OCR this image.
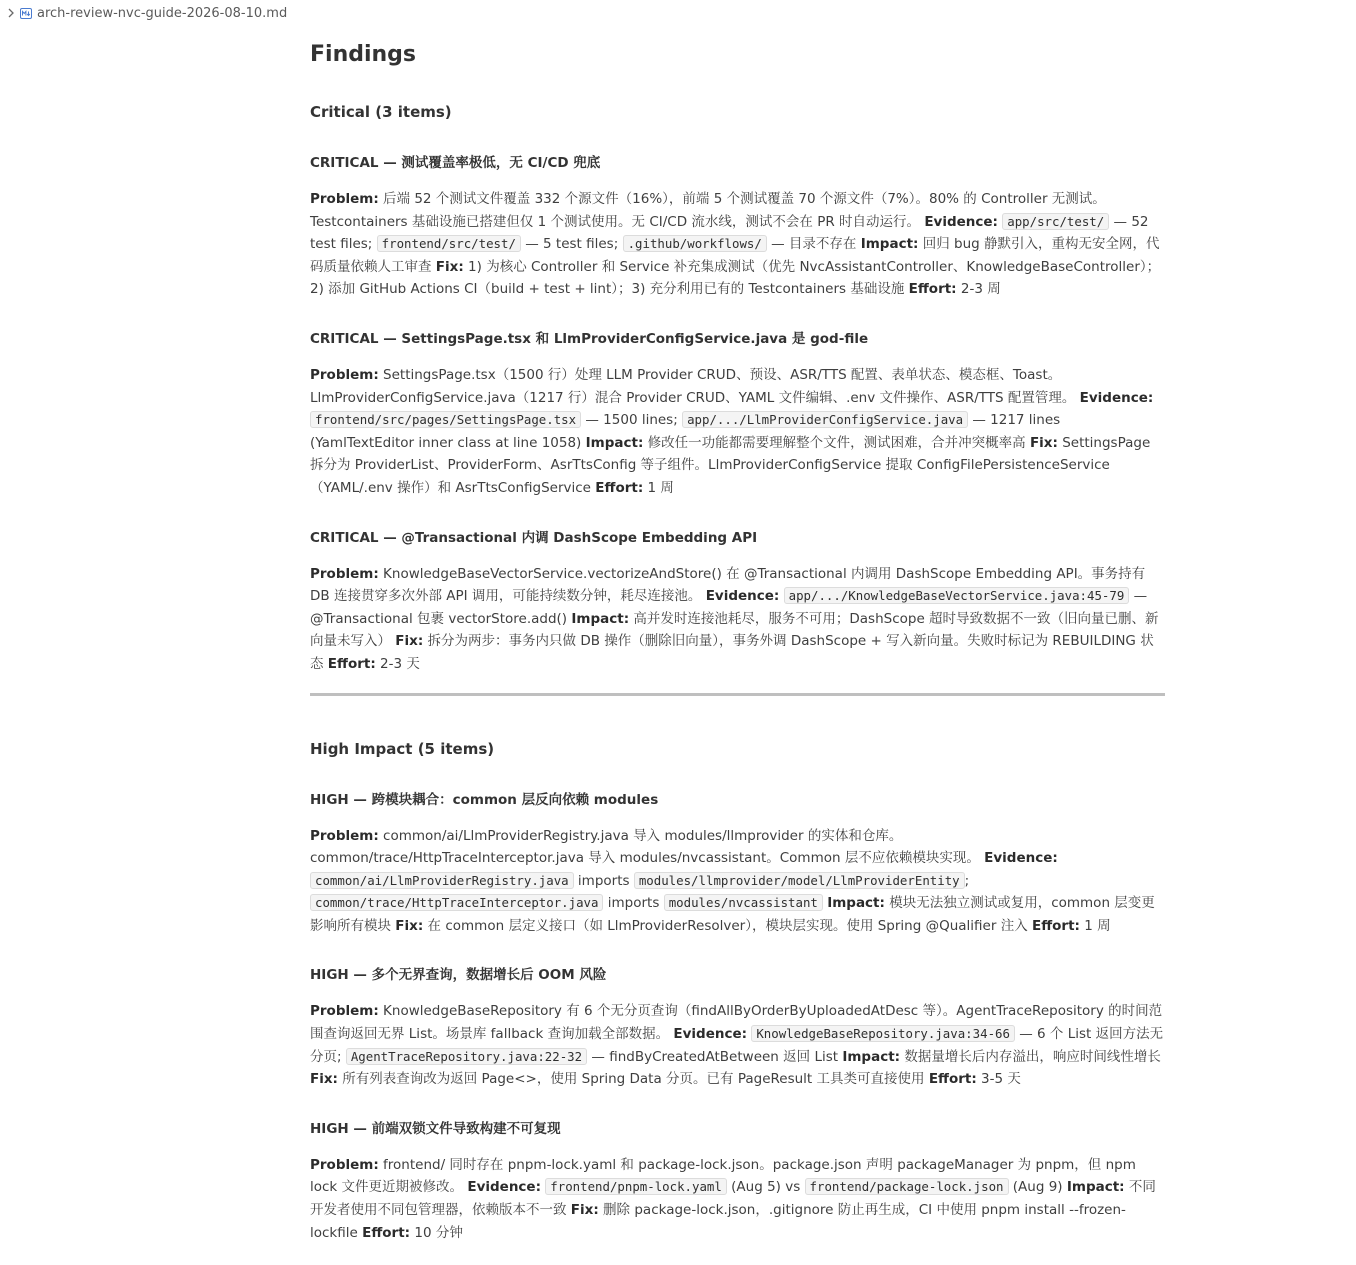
arch-review-nvc-guide-2026-08-10.md
Findings
Critical (3 items)
CRITICAL — 测试覆盖率极低，无 CI/CD 兜底

Problem: 后端 52 个测试文件覆盖 332 个源文件（16%），前端 5 个测试覆盖 70 个源文件（7%）。80% 的 Controller 无测试。Testcontainers 基础设施已搭建但仅 1 个测试使用。无 CI/CD 流水线，测试不会在 PR 时自动运行。 Evidence: app/src/test/ — 52 test files; frontend/src/test/ — 5 test files; .github/workflows/ — 目录不存在 Impact: 回归 bug 静默引入，重构无安全网，代码质量依赖人工审查 Fix: 1) 为核心 Controller 和 Service 补充集成测试（优先 NvcAssistantController、KnowledgeBaseController）；2) 添加 GitHub Actions CI（build + test + lint）；3) 充分利用已有的 Testcontainers 基础设施 Effort: 2-3 周

CRITICAL — SettingsPage.tsx 和 LlmProviderConfigService.java 是 god-file

Problem: SettingsPage.tsx（1500 行）处理 LLM Provider CRUD、预设、ASR/TTS 配置、表单状态、模态框、Toast。LlmProviderConfigService.java（1217 行）混合 Provider CRUD、YAML 文件编辑、.env 文件操作、ASR/TTS 配置管理。 Evidence: frontend/src/pages/SettingsPage.tsx — 1500 lines; app/.../LlmProviderConfigService.java — 1217 lines (YamlTextEditor inner class at line 1058) Impact: 修改任一功能都需要理解整个文件，测试困难，合并冲突概率高 Fix: SettingsPage 拆分为 ProviderList、ProviderForm、AsrTtsConfig 等子组件。LlmProviderConfigService 提取 ConfigFilePersistenceService（YAML/.env 操作）和 AsrTtsConfigService Effort: 1 周

CRITICAL — @Transactional 内调 DashScope Embedding API

Problem: KnowledgeBaseVectorService.vectorizeAndStore() 在 @Transactional 内调用 DashScope Embedding API。事务持有 DB 连接贯穿多次外部 API 调用，可能持续数分钟，耗尽连接池。 Evidence: app/.../KnowledgeBaseVectorService.java:45-79 — @Transactional 包裹 vectorStore.add() Impact: 高并发时连接池耗尽，服务不可用；DashScope 超时导致数据不一致（旧向量已删、新向量未写入） Fix: 拆分为两步：事务内只做 DB 操作（删除旧向量），事务外调 DashScope + 写入新向量。失败时标记为 REBUILDING 状态 Effort: 2-3 天

High Impact (5 items)
HIGH — 跨模块耦合：common 层反向依赖 modules

Problem: common/ai/LlmProviderRegistry.java 导入 modules/llmprovider 的实体和仓库。common/trace/HttpTraceInterceptor.java 导入 modules/nvcassistant。Common 层不应依赖模块实现。 Evidence: common/ai/LlmProviderRegistry.java imports modules/llmprovider/model/LlmProviderEntity ; common/trace/HttpTraceInterceptor.java imports modules/nvcassistant Impact: 模块无法独立测试或复用，common 层变更影响所有模块 Fix: 在 common 层定义接口（如 LlmProviderResolver），模块层实现。使用 Spring @Qualifier 注入 Effort: 1 周

HIGH — 多个无界查询，数据增长后 OOM 风险

Problem: KnowledgeBaseRepository 有 6 个无分页查询（findAllByOrderByUploadedAtDesc 等）。AgentTraceRepository 的时间范围查询返回无界 List。场景库 fallback 查询加载全部数据。 Evidence: KnowledgeBaseRepository.java:34-66 — 6 个 List 返回方法无分页; AgentTraceRepository.java:22-32 — findByCreatedAtBetween 返回 List Impact: 数据量增长后内存溢出，响应时间线性增长 Fix: 所有列表查询改为返回 Page<>，使用 Spring Data 分页。已有 PageResult 工具类可直接使用 Effort: 3-5 天

HIGH — 前端双锁文件导致构建不可复现

Problem: frontend/ 同时存在 pnpm-lock.yaml 和 package-lock.json。package.json 声明 packageManager 为 pnpm，但 npm lock 文件更近期被修改。 Evidence: frontend/pnpm-lock.yaml (Aug 5) vs frontend/package-lock.json (Aug 9) Impact: 不同开发者使用不同包管理器，依赖版本不一致 Fix: 删除 package-lock.json，.gitignore 防止再生成，CI 中使用 pnpm install --frozen-lockfile Effort: 10 分钟
